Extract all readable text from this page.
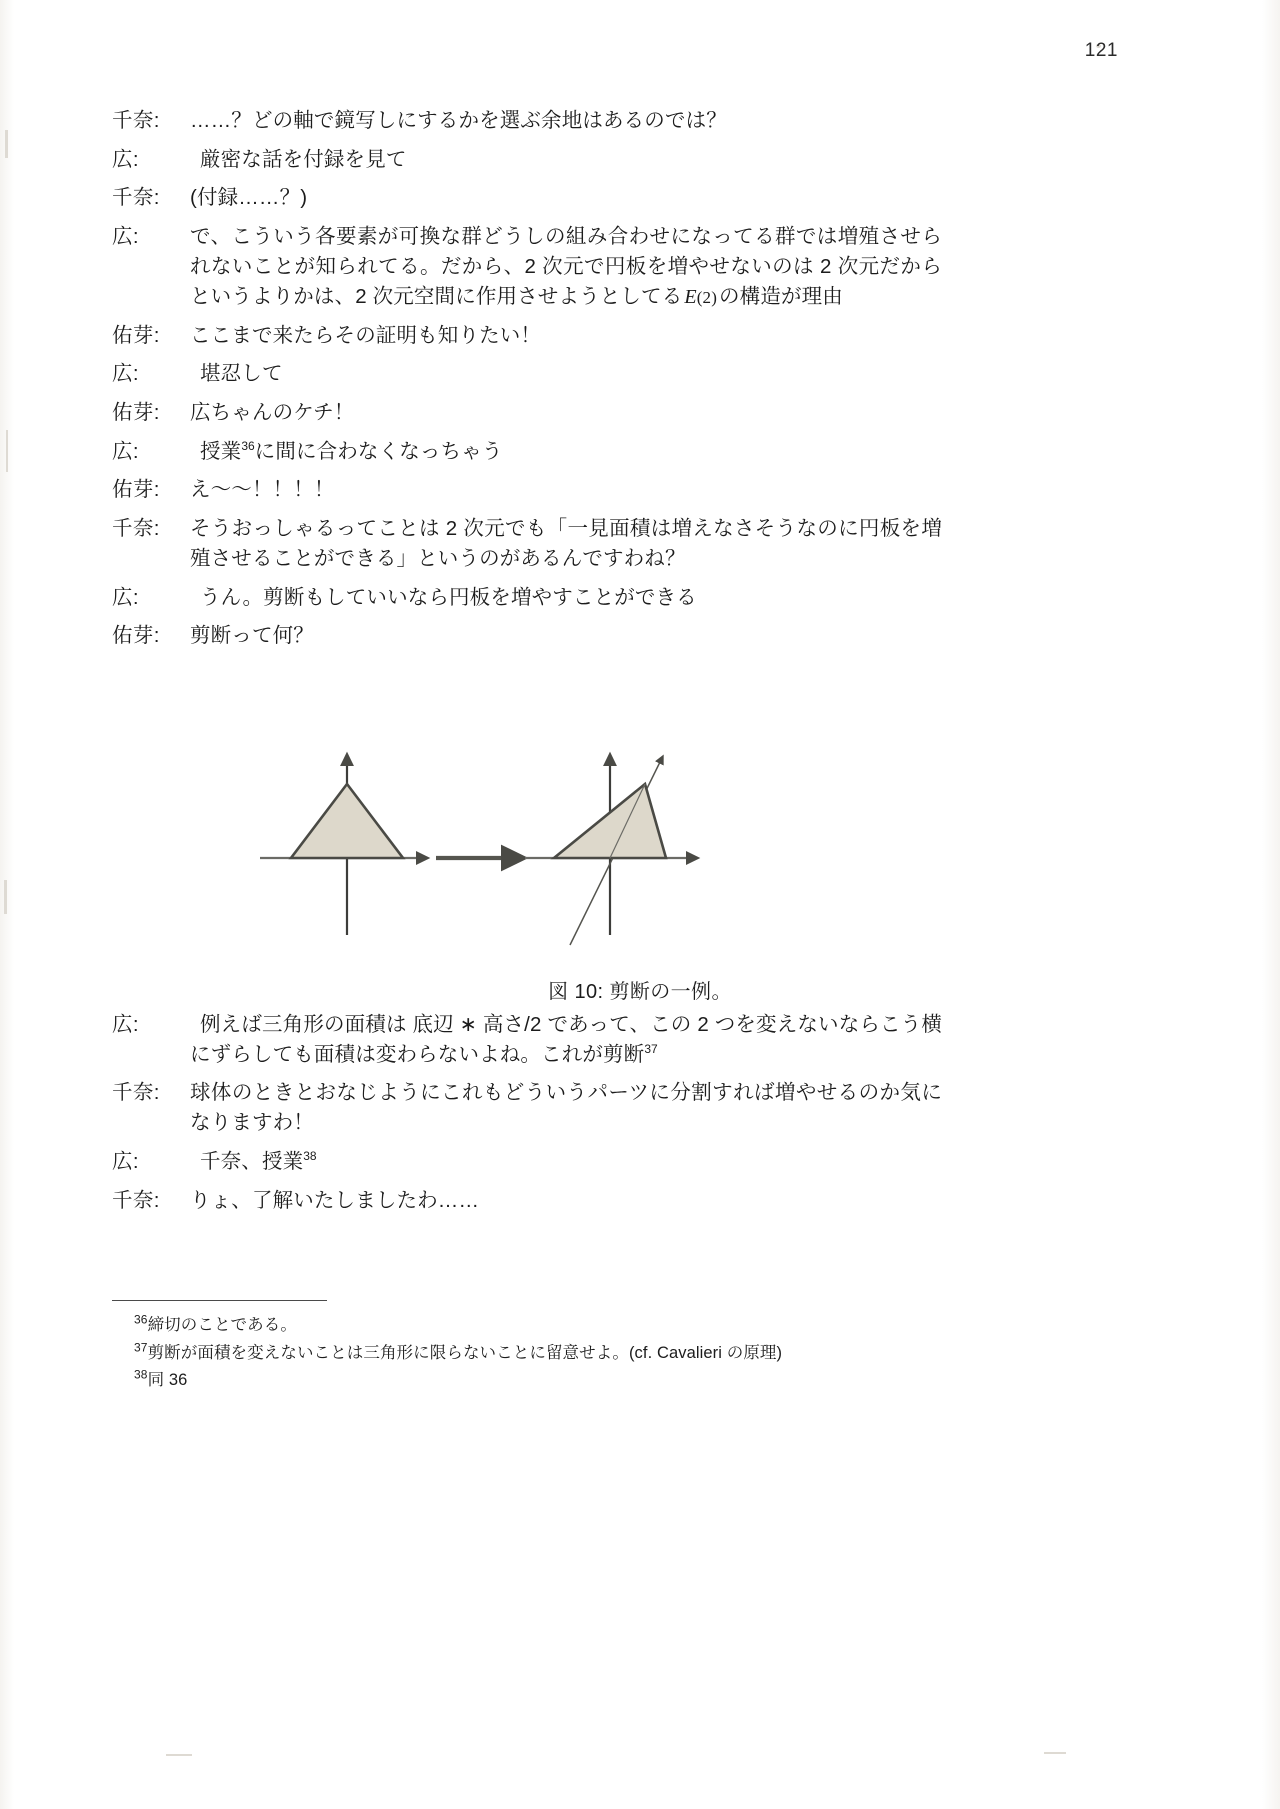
121
千奈:	……？どの軸で鏡写しにするかを選ぶ余地はあるのでは？
広:	厳密な話を付録を見て
千奈:	(付録……？)
広:	で、こういう各要素が可換な群どうしの組み合わせになってる群では増殖させられないことが知られてる。だから、2 次元で円板を増やせないのは 2 次元だからというよりかは、2 次元空間に作用させようとしてる E(2)の構造が理由
佑芽:	ここまで来たらその証明も知りたい！
広:	堪忍して
佑芽:	広ちゃんのケチ！
広:	授業$^{36}$に間に合わなくなっちゃう
佑芽:	え〜〜！！！！
千奈:	そうおっしゃるってことは 2 次元でも「一見面積は増えなさそうなのに円板を増殖させることができる」というのがあるんですわね？
広:	うん。剪断もしていいなら円板を増やすことができる
佑芽:	剪断って何？
図 10: 剪断の一例。
広:	例えば三角形の面積は 底辺 ∗ 高さ/2 であって、この 2 つを変えないならこう横にずらしても面積は変わらないよね。これが剪断$^{37}$
千奈:	球体のときとおなじようにこれもどういうパーツに分割すれば増やせるのか気になりますわ！
広:	千奈、授業$^{38}$
千奈:	りょ、了解いたしましたわ……
$^{36}$締切のことである。
$^{37}$剪断が面積を変えないことは三角形に限らないことに留意せよ。(cf. Cavalieri の原理)
$^{38}$同 36
